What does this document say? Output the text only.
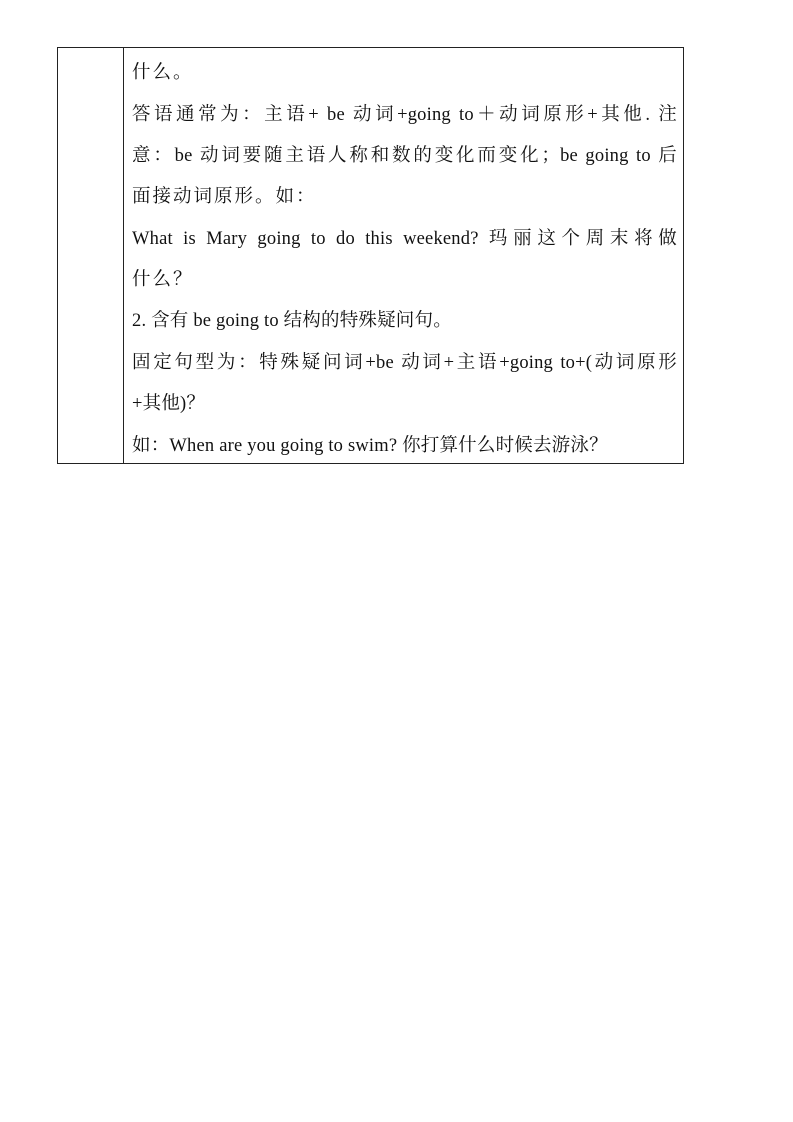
什么。
答语通常为：主语+ be 动词+going to＋动词原形+其他. 注
意：be 动词要随主语人称和数的变化而变化；be going to 后
面接动词原形。如：
What is Mary going to do this weekend? 玛丽这个周末将做
什么？
2. 含有 be going to 结构的特殊疑问句。
固定句型为：特殊疑问词+be 动词+主语+going to+(动词原形
+其他)？
如：When are you going to swim? 你打算什么时候去游泳？
